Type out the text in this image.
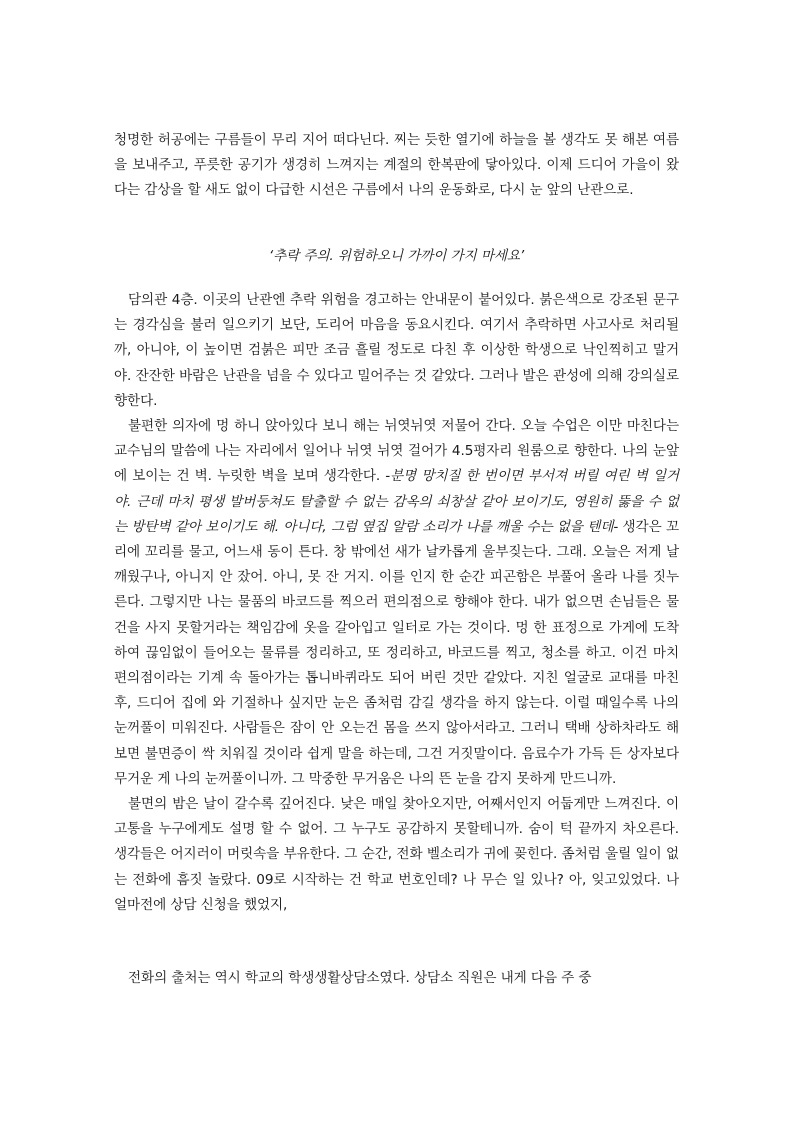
청명한 허공에는 구름들이 무리 지어 떠다닌다. 찌는 듯한 열기에 하늘을 볼 생각도 못 해본 여름을 보내주고, 푸릇한 공기가 생경히 느껴지는 계절의 한복판에 닿아있다. 이제 드디어 가을이 왔다는 감상을 할 새도 없이 다급한 시선은 구름에서 나의 운동화로, 다시 눈 앞의 난관으로.

‘추락 주의. 위험하오니 가까이 가지 마세요’

담의관 4층. 이곳의 난관엔 추락 위험을 경고하는 안내문이 붙어있다. 붉은색으로 강조된 문구는 경각심을 불러 일으키기 보단, 도리어 마음을 동요시킨다. 여기서 추락하면 사고사로 처리될까, 아니야, 이 높이면 검붉은 피만 조금 흘릴 정도로 다친 후 이상한 학생으로 낙인찍히고 말거야. 잔잔한 바람은 난관을 넘을 수 있다고 밀어주는 것 같았다. 그러나 발은 관성에 의해 강의실로 향한다.

불편한 의자에 멍 하니 앉아있다 보니 해는 뉘엿뉘엿 저물어 간다. 오늘 수업은 이만 마친다는 교수님의 말씀에 나는 자리에서 일어나 뉘엿 뉘엿 걸어가 4.5평자리 원룸으로 향한다. 나의 눈앞에 보이는 건 벽. 누릿한 벽을 보며 생각한다. -분명 망치질 한 번이면 부서져 버릴 여린 벽 일거야. 근데 마치 평생 발버둥쳐도 탈출할 수 없는 감옥의 쇠창살 같아 보이기도, 영원히 뚫을 수 없는 방탄벽 같아 보이기도 해. 아니다, 그럼 옆집 알람 소리가 나를 깨울 수는 없을 텐데- 생각은 꼬리에 꼬리를 물고, 어느새 동이 튼다. 창 밖에선 새가 날카롭게 울부짖는다. 그래. 오늘은 저게 날 깨웠구나, 아니지 안 잤어. 아니, 못 잔 거지. 이를 인지 한 순간 피곤함은 부풀어 올라 나를 짓누른다. 그렇지만 나는 물품의 바코드를 찍으러 편의점으로 향해야 한다. 내가 없으면 손님들은 물건을 사지 못할거라는 책임감에 옷을 갈아입고 일터로 가는 것이다. 멍 한 표정으로 가게에 도착하여 끊임없이 들어오는 물류를 정리하고, 또 정리하고, 바코드를 찍고, 청소를 하고. 이건 마치 편의점이라는 기계 속 돌아가는 톱니바퀴라도 되어 버린 것만 같았다. 지친 얼굴로 교대를 마친 후, 드디어 집에 와 기절하나 싶지만 눈은 좀처럼 감길 생각을 하지 않는다. 이럴 때일수록 나의 눈꺼풀이 미워진다. 사람들은 잠이 안 오는건 몸을 쓰지 않아서라고. 그러니 택배 상하차라도 해보면 불면증이 싹 치워질 것이라 쉽게 말을 하는데, 그건 거짓말이다. 음료수가 가득 든 상자보다 무거운 게 나의 눈꺼풀이니까. 그 막중한 무거움은 나의 뜬 눈을 감지 못하게 만드니까.

불면의 밤은 날이 갈수록 깊어진다. 낮은 매일 찾아오지만, 어째서인지 어둡게만 느껴진다. 이 고통을 누구에게도 설명 할 수 없어. 그 누구도 공감하지 못할테니까. 숨이 턱 끝까지 차오른다. 생각들은 어지러이 머릿속을 부유한다. 그 순간, 전화 벨소리가 귀에 꽂힌다. 좀처럼 울릴 일이 없는 전화에 흠짓 놀랐다. 09로 시작하는 건 학교 번호인데? 나 무슨 일 있나? 아, 잊고있었다. 나 얼마전에 상담 신청을 했었지,

전화의 출처는 역시 학교의 학생생활상담소였다. 상담소 직원은 내게 다음 주 중
